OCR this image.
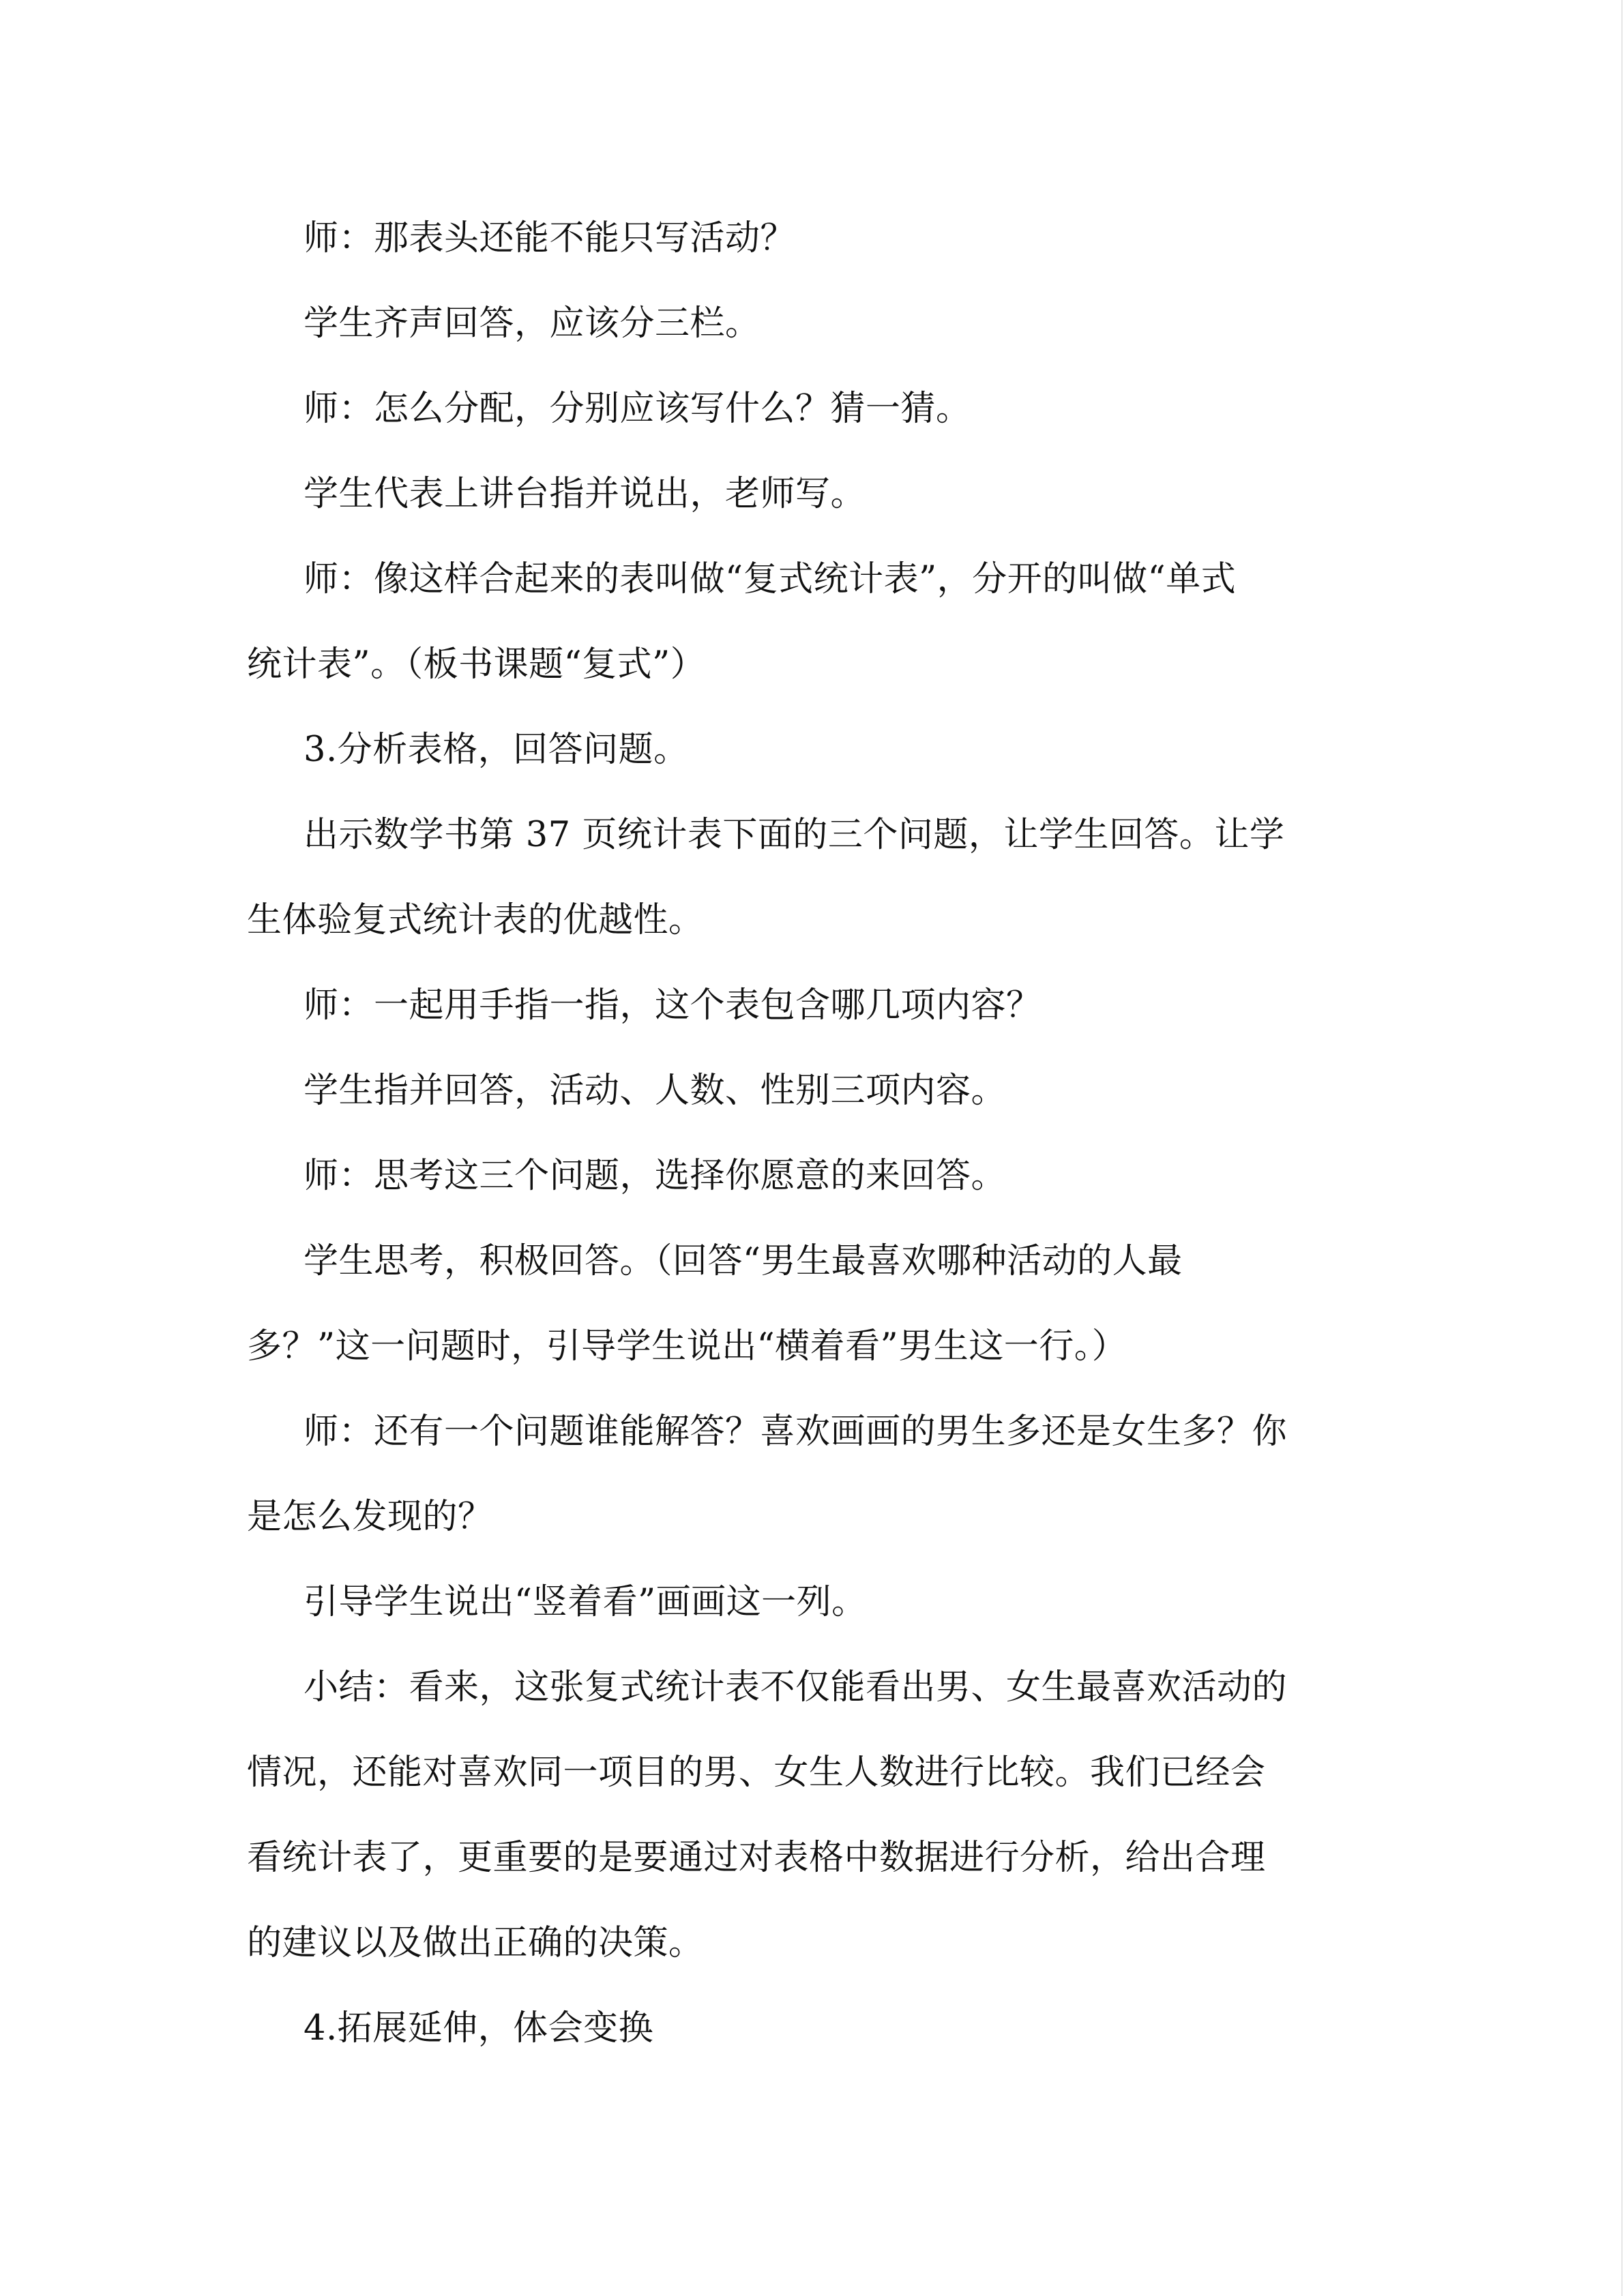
师：那表头还能不能只写活动？
学生齐声回答，应该分三栏。
师：怎么分配，分别应该写什么？猜一猜。
学生代表上讲台指并说出，老师写。
师：像这样合起来的表叫做“复式统计表”，分开的叫做“单式
统计表”。（板书课题“复式”）
3.分析表格，回答问题。
出示数学书第 37 页统计表下面的三个问题，让学生回答。让学
生体验复式统计表的优越性。
师：一起用手指一指，这个表包含哪几项内容？
学生指并回答，活动、人数、性别三项内容。
师：思考这三个问题，选择你愿意的来回答。
学生思考，积极回答。（回答“男生最喜欢哪种活动的人最
多？”这一问题时，引导学生说出“横着看”男生这一行。）
师：还有一个问题谁能解答？喜欢画画的男生多还是女生多？你
是怎么发现的？
引导学生说出“竖着看”画画这一列。
小结：看来，这张复式统计表不仅能看出男、女生最喜欢活动的
情况，还能对喜欢同一项目的男、女生人数进行比较。我们已经会
看统计表了，更重要的是要通过对表格中数据进行分析，给出合理
的建议以及做出正确的决策。
4.拓展延伸，体会变换
